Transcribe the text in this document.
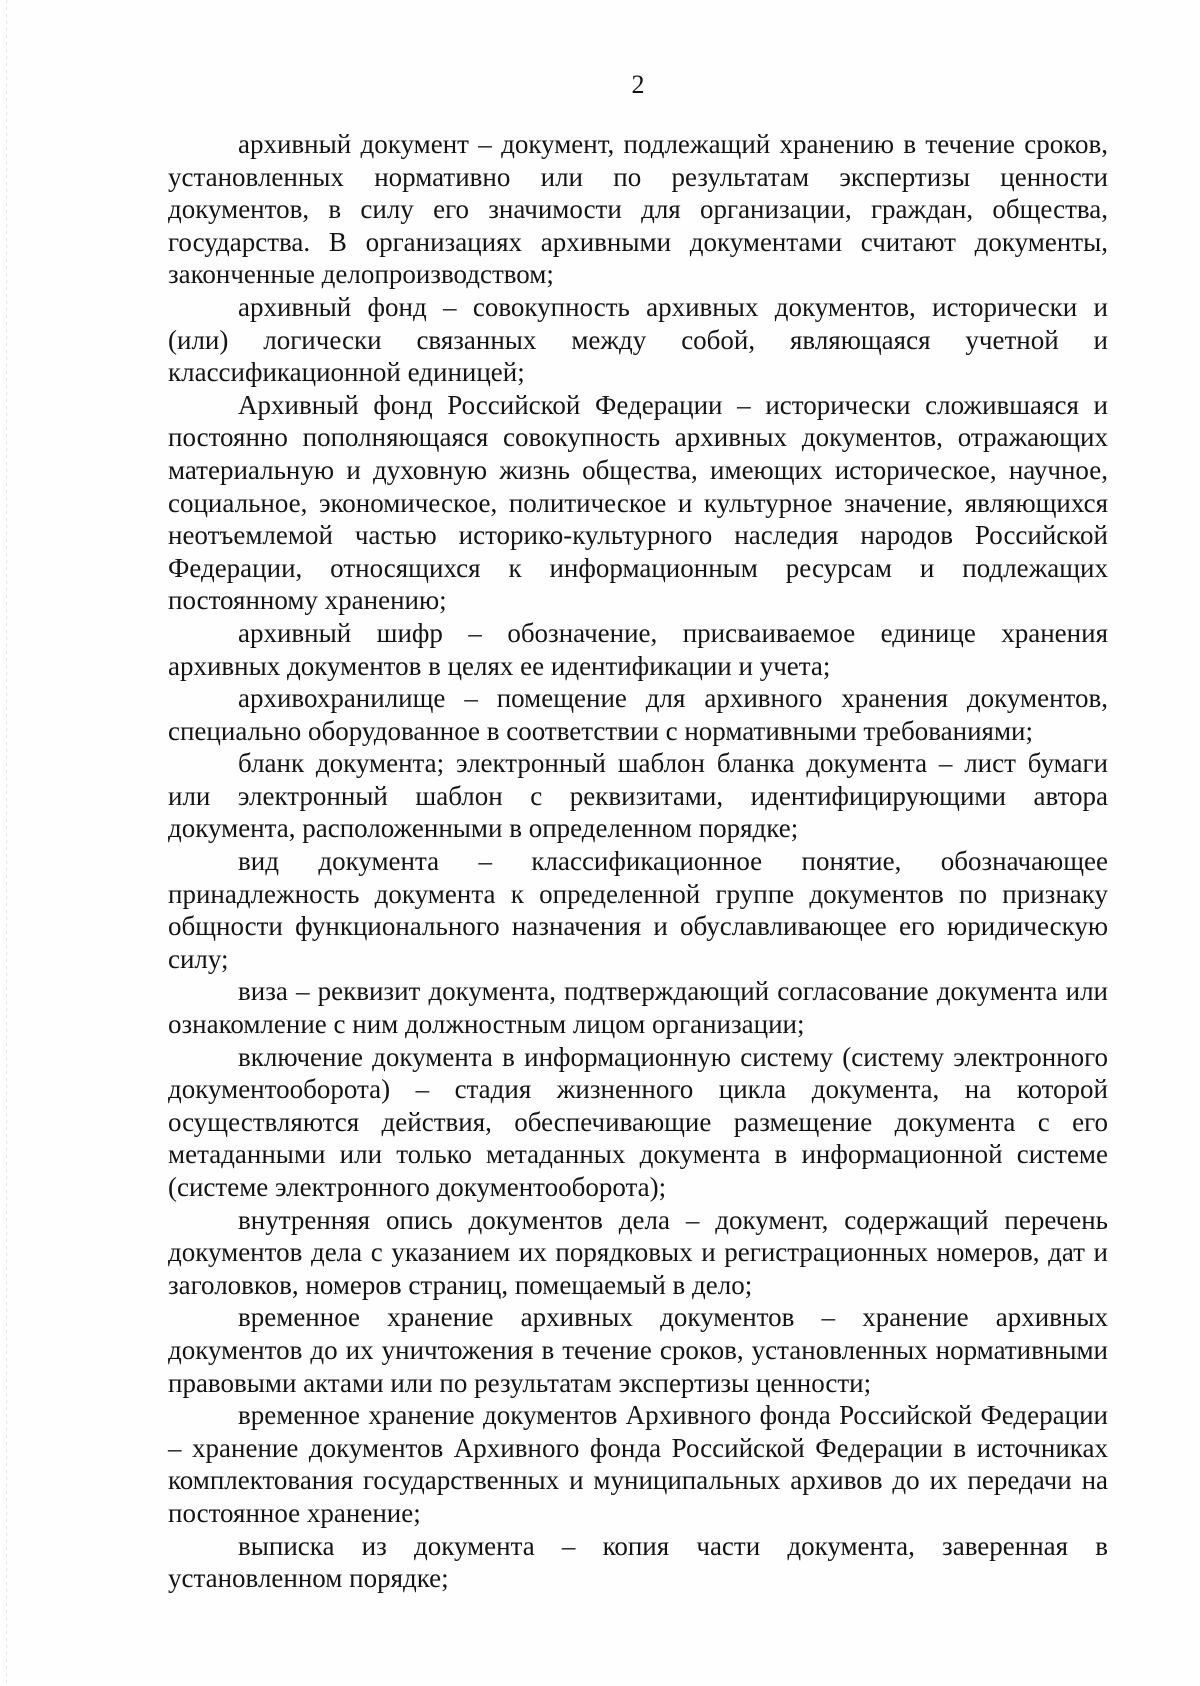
2

архивный документ – документ, подлежащий хранению в течение сроков, установленных нормативно или по результатам экспертизы ценности документов, в силу его значимости для организации, граждан, общества, государства. В организациях архивными документами считают документы, законченные делопроизводством;

архивный фонд – совокупность архивных документов, исторически и (или) логически связанных между собой, являющаяся учетной и классификационной единицей;

Архивный фонд Российской Федерации – исторически сложившаяся и постоянно пополняющаяся совокупность архивных документов, отражающих материальную и духовную жизнь общества, имеющих историческое, научное, социальное, экономическое, политическое и культурное значение, являющихся неотъемлемой частью историко-культурного наследия народов Российской Федерации, относящихся к информационным ресурсам и подлежащих постоянному хранению;

архивный шифр – обозначение, присваиваемое единице хранения архивных документов в целях ее идентификации и учета;

архивохранилище – помещение для архивного хранения документов, специально оборудованное в соответствии с нормативными требованиями;

бланк документа; электронный шаблон бланка документа – лист бумаги или электронный шаблон с реквизитами, идентифицирующими автора документа, расположенными в определенном порядке;

вид документа – классификационное понятие, обозначающее принадлежность документа к определенной группе документов по признаку общности функционального назначения и обуславливающее его юридическую силу;

виза – реквизит документа, подтверждающий согласование документа или ознакомление с ним должностным лицом организации;

включение документа в информационную систему (систему электронного документооборота) – стадия жизненного цикла документа, на которой осуществляются действия, обеспечивающие размещение документа с его метаданными или только метаданных документа в информационной системе (системе электронного документооборота);

внутренняя опись документов дела – документ, содержащий перечень документов дела с указанием их порядковых и регистрационных номеров, дат и заголовков, номеров страниц, помещаемый в дело;

временное хранение архивных документов – хранение архивных документов до их уничтожения в течение сроков, установленных нормативными правовыми актами или по результатам экспертизы ценности;

временное хранение документов Архивного фонда Российской Федерации – хранение документов Архивного фонда Российской Федерации в источниках комплектования государственных и муниципальных архивов до их передачи на постоянное хранение;

выписка из документа – копия части документа, заверенная в установленном порядке;
